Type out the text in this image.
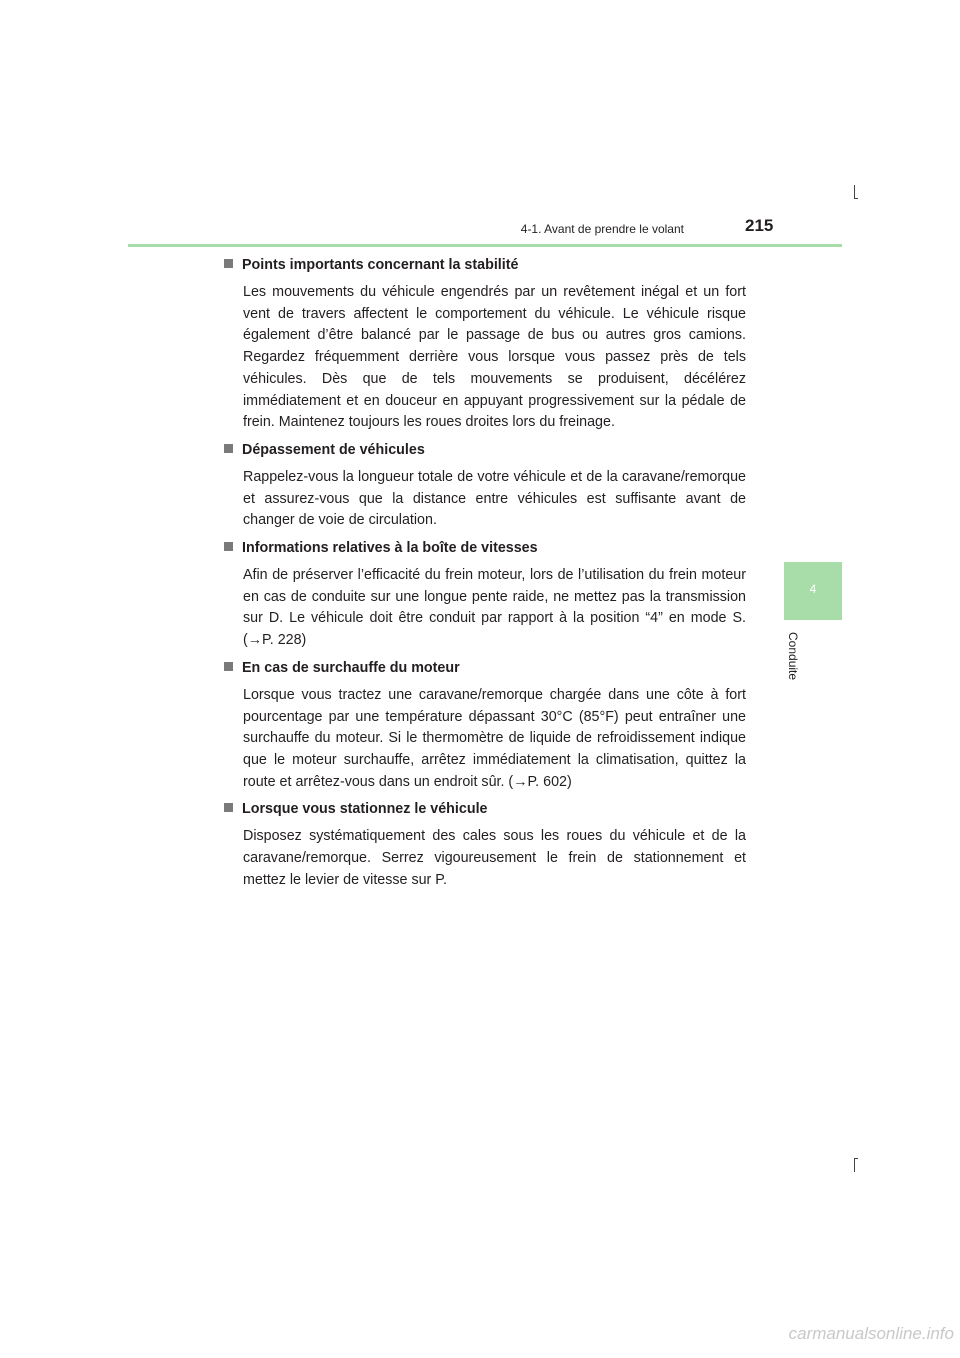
4-1. Avant de prendre le volant	215
4
Conduite
Points importants concernant la stabilité
Les mouvements du véhicule engendrés par un revêtement inégal et un fort vent de travers affectent le comportement du véhicule. Le véhicule risque également d’être balancé par le passage de bus ou autres gros camions. Regardez fréquemment derrière vous lorsque vous passez près de tels véhicules. Dès que de tels mouvements se produisent, décélérez immédiatement et en douceur en appuyant progressivement sur la pédale de frein. Maintenez toujours les roues droites lors du freinage.
Dépassement de véhicules
Rappelez-vous la longueur totale de votre véhicule et de la caravane/remorque et assurez-vous que la distance entre véhicules est suffisante avant de changer de voie de circulation.
Informations relatives à la boîte de vitesses
Afin de préserver l’efficacité du frein moteur, lors de l’utilisation du frein moteur en cas de conduite sur une longue pente raide, ne mettez pas la transmission sur D. Le véhicule doit être conduit par rapport à la position “4” en mode S. (→P. 228)
En cas de surchauffe du moteur
Lorsque vous tractez une caravane/remorque chargée dans une côte à fort pourcentage par une température dépassant 30°C (85°F) peut entraîner une surchauffe du moteur. Si le thermomètre de liquide de refroidissement indique que le moteur surchauffe, arrêtez immédiatement la climatisation, quittez la route et arrêtez-vous dans un endroit sûr. (→P. 602)
Lorsque vous stationnez le véhicule
Disposez systématiquement des cales sous les roues du véhicule et de la caravane/remorque. Serrez vigoureusement le frein de stationnement et mettez le levier de vitesse sur P.
carmanualsonline.info
